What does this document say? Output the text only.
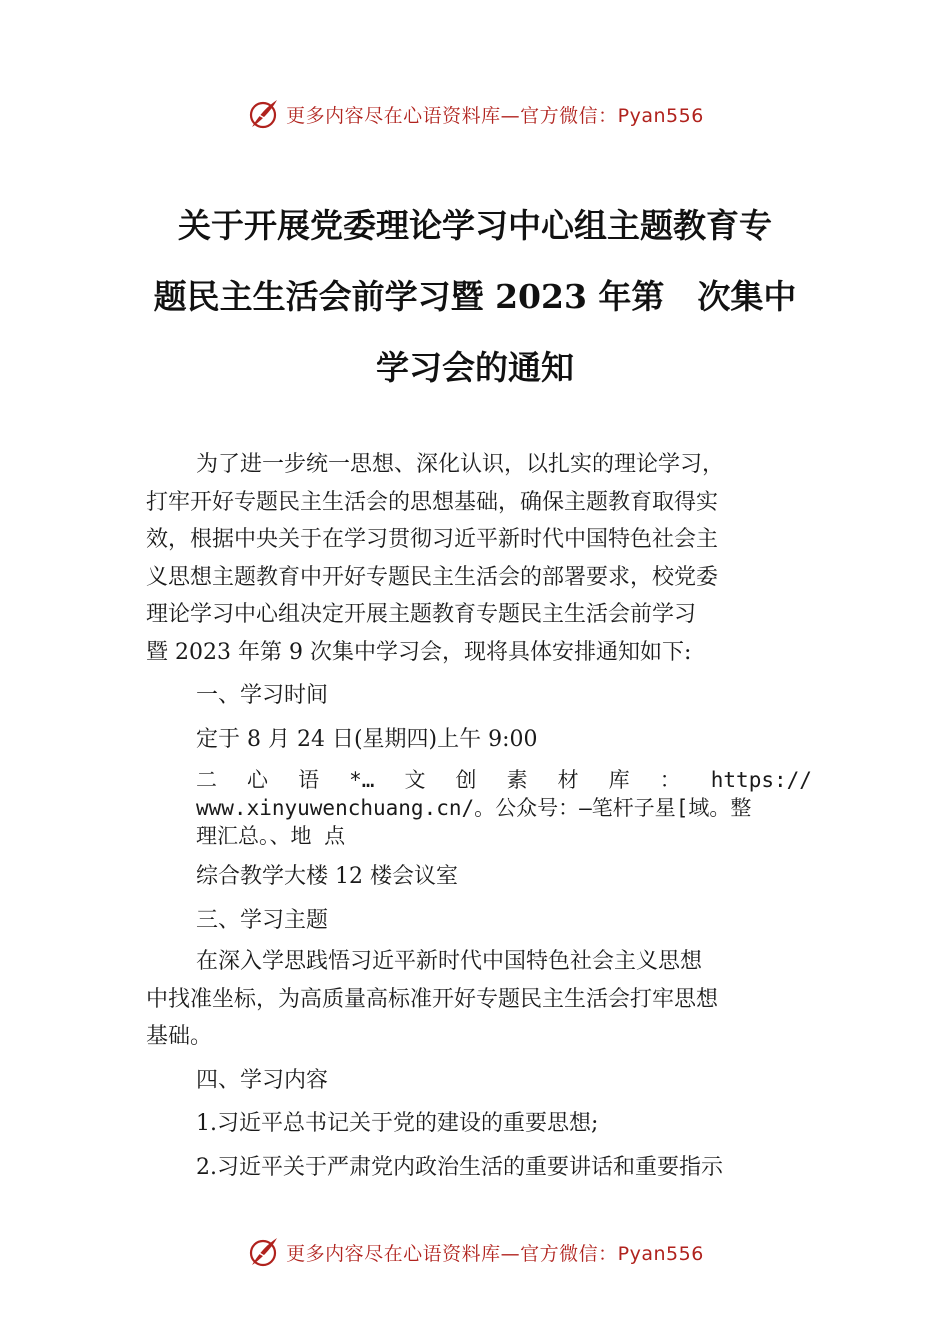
更多内容尽在心语资料库—官方微信：Pyan556
关于开展党委理论学习中心组主题教育专
题民主生活会前学习暨 2023 年第　次集中
学习会的通知

为了进一步统一思想、深化认识，以扎实的理论学习，

打牢开好专题民主生活会的思想基础，确保主题教育取得实

效，根据中央关于在学习贯彻习近平新时代中国特色社会主

义思想主题教育中开好专题民主生活会的部署要求，校党委

理论学习中心组决定开展主题教育专题民主生活会前学习

暨 2023 年第 9 次集中学习会，现将具体安排通知如下:

一、学习时间

定于 8 月 24 日(星期四)上午 9:00

二 心 语 *… 文 创 素 材 库 ： https://
www.xinyuwenchuang.cn/。公众号：—笔杆子星[域。整
理汇总。、地 点

综合教学大楼 12 楼会议室

三、学习主题

在深入学思践悟习近平新时代中国特色社会主义思想

中找准坐标，为高质量高标准开好专题民主生活会打牢思想

基础。

四、学习内容

1.习近平总书记关于党的建设的重要思想;

2.习近平关于严肃党内政治生活的重要讲话和重要指示

更多内容尽在心语资料库—官方微信：Pyan556
